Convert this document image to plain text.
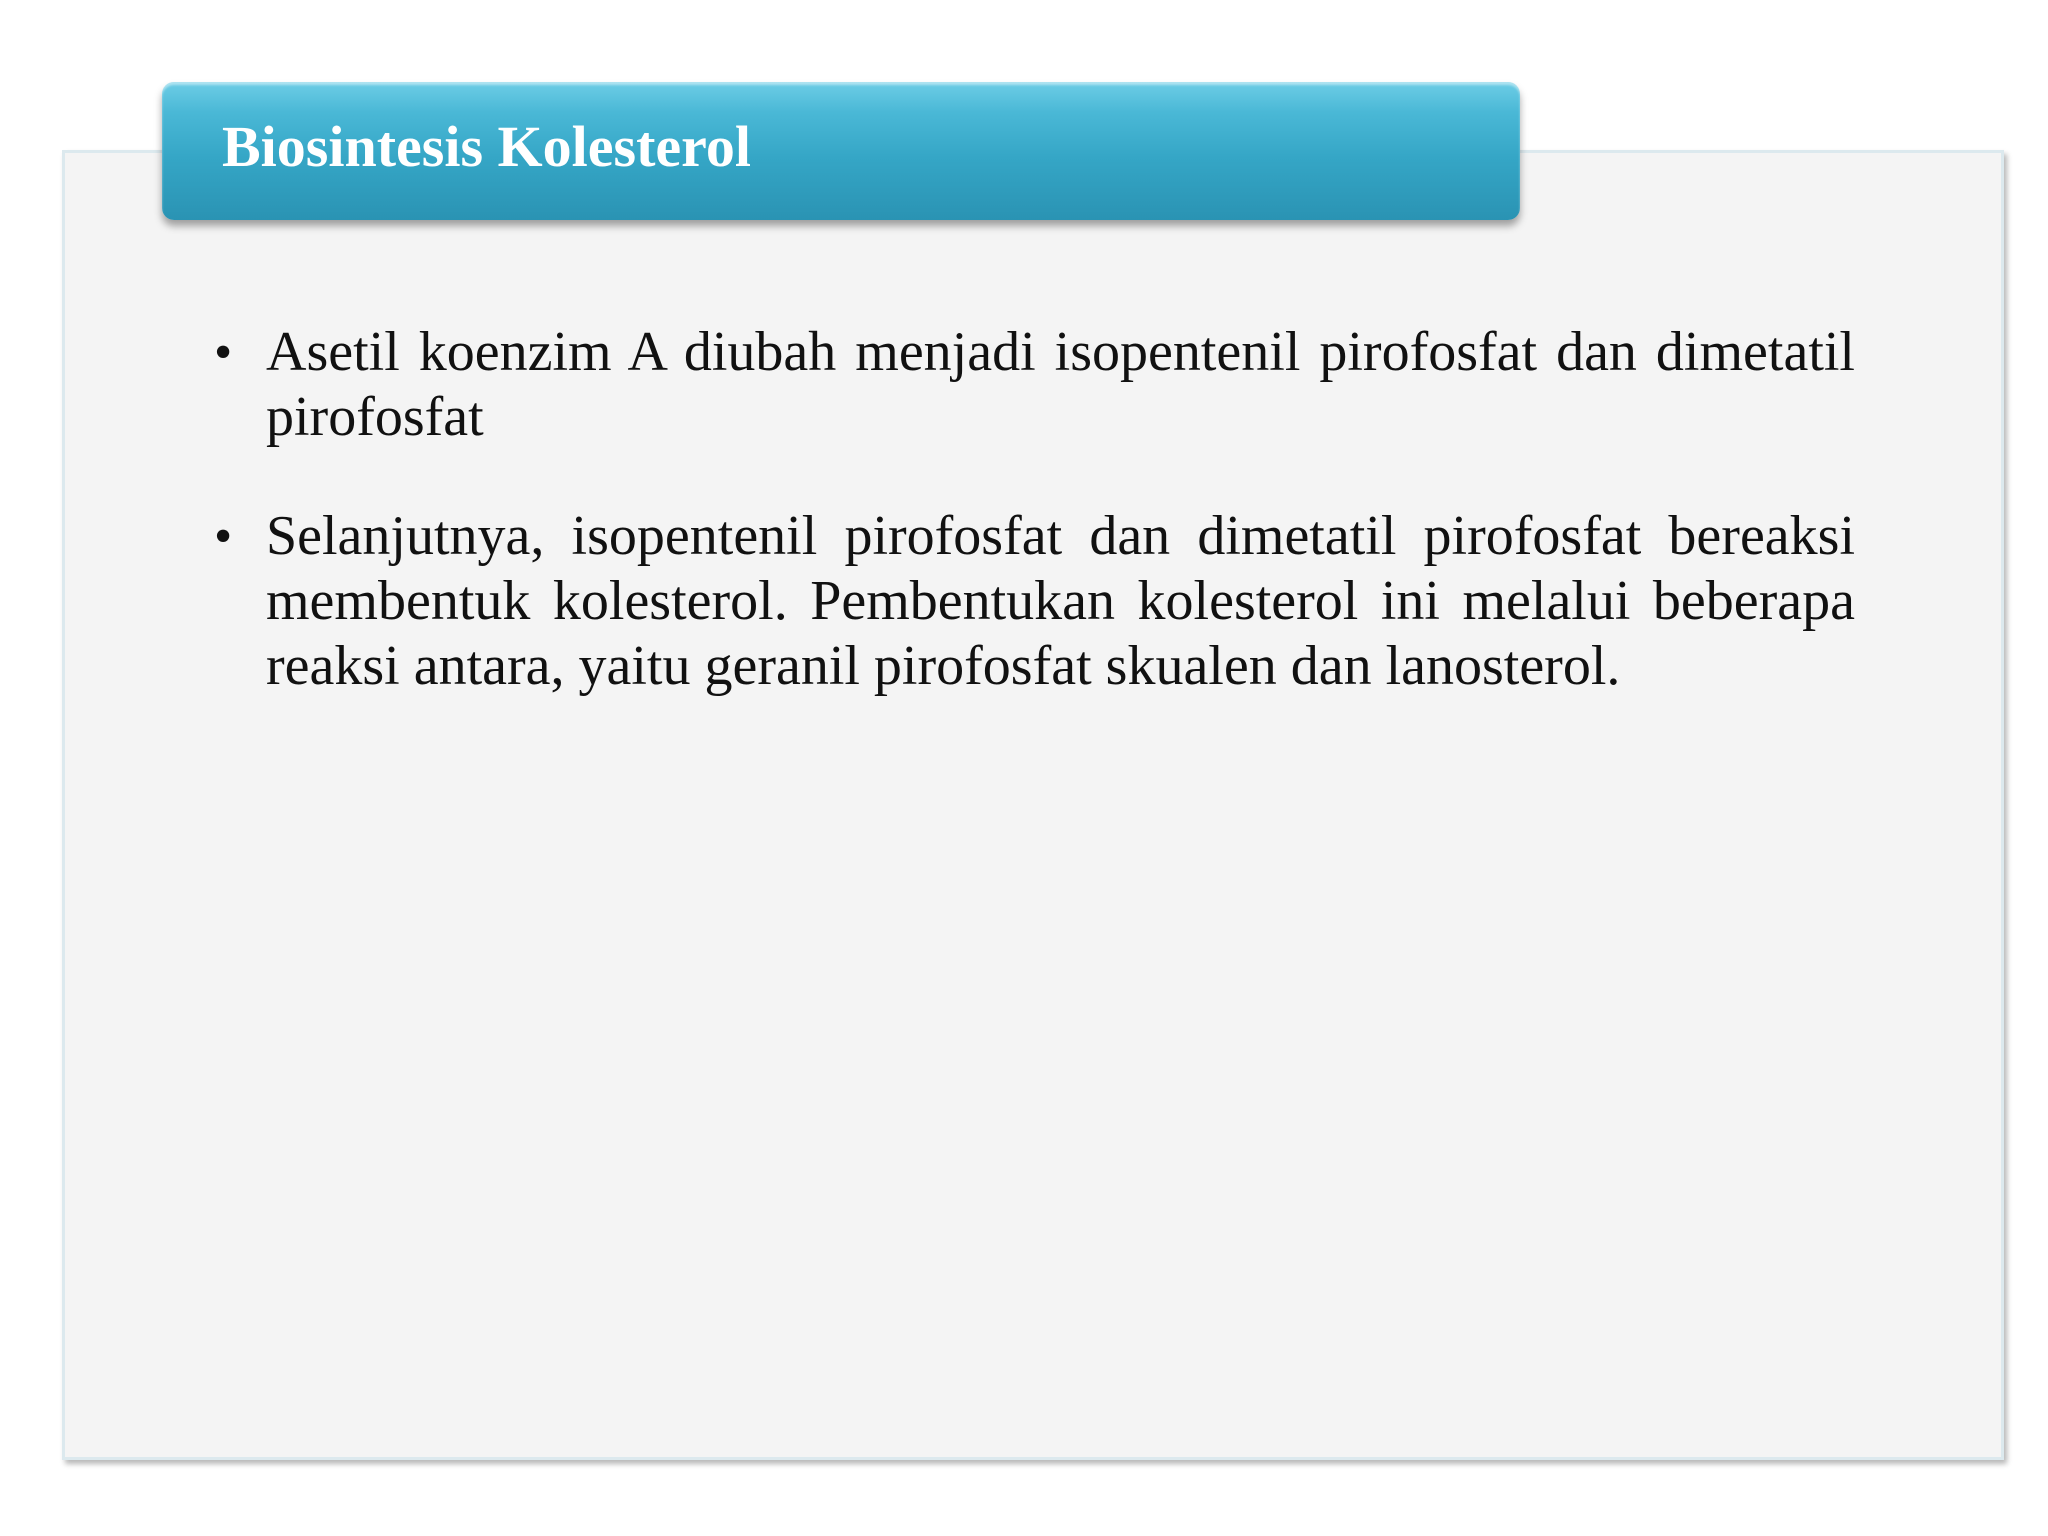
Biosintesis Kolesterol
• Asetil koenzim A diubah menjadi isopentenil pirofosfat dan dimetatil pirofosfat
• Selanjutnya, isopentenil pirofosfat dan dimetatil pirofosfat bereaksi membentuk kolesterol. Pembentukan kolesterol ini melalui beberapa reaksi antara, yaitu geranil pirofosfat skualen dan lanosterol.
